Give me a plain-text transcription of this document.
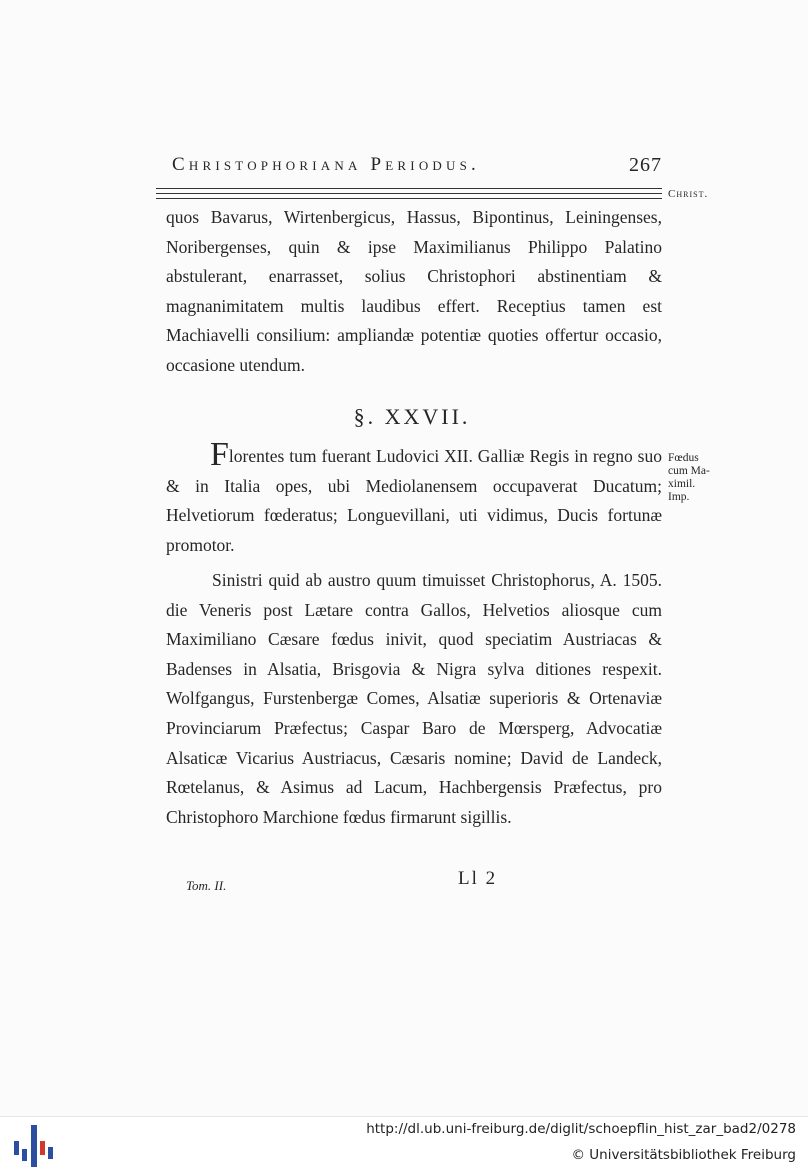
Christophoriana Periodus.	267
Christ.
quos Bavarus, Wirtenbergicus, Hassus, Bipontinus, Leiningenses, Noribergenses, quin & ipse Maximilianus Philippo Palatino abstulerant, enarrasset, solius Christophori abstinentiam & magnanimitatem multis laudibus effert. Receptius tamen est Machiavelli consilium: ampliandæ potentiæ quoties offertur occasio, occasione utendum.
§. XXVII.
Florentes tum fuerant Ludovici XII. Galliæ Regis in regno suo & in Italia opes, ubi Mediolanensem occupaverat Ducatum; Helvetiorum fœderatus; Longuevillani, uti vidimus, Ducis fortunæ promotor.
Fœdus
cum Ma-
ximil.
Imp.
Sinistri quid ab austro quum timuisset Christophorus, A. 1505. die Veneris post Lætare contra Gallos, Helvetios aliosque cum Maximiliano Cæsare fœdus inivit, quod speciatim Austriacas & Badenses in Alsatia, Brisgovia & Nigra sylva ditiones respexit. Wolfgangus, Furstenbergæ Comes, Alsatiæ superioris & Ortenaviæ Provinciarum Præfectus; Caspar Baro de Mœrsperg, Advocatiæ Alsaticæ Vicarius Austriacus, Cæsaris nomine; David de Landeck, Rœtelanus, & Asimus ad Lacum, Hachbergensis Præfectus, pro Christophoro Marchione fœdus firmarunt sigillis.
Tom. II.	Ll 2
http://dl.ub.uni-freiburg.de/diglit/schoepflin_hist_zar_bad2/0278
© Universitätsbibliothek Freiburg
